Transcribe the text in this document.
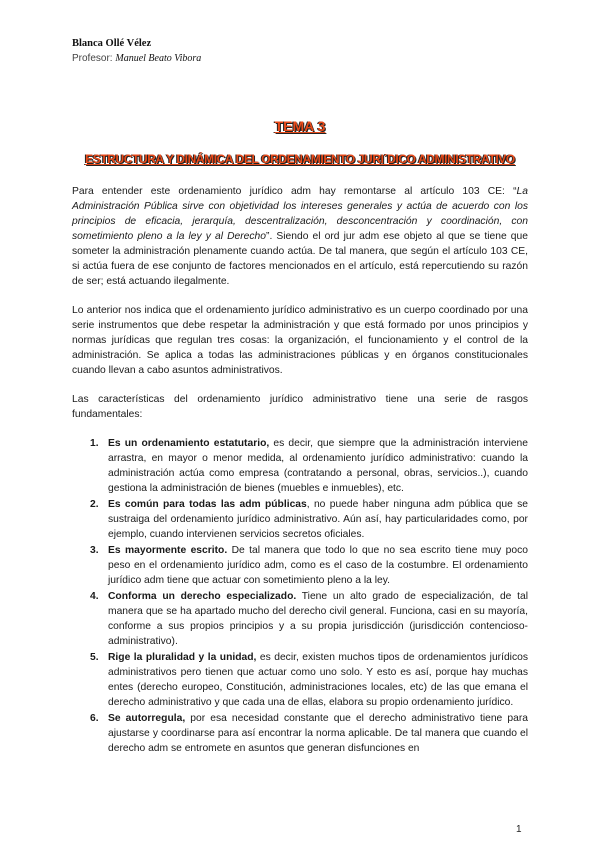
Blanca Ollé Vélez
Profesor: Manuel Beato Vibora
TEMA 3
ESTRUCTURA Y DINÁMICA DEL ORDENAMIENTO JURI´DICO ADMINISTRATIVO

Para entender este ordenamiento jurídico adm hay remontarse al artículo 103 CE: “La Administración Pública sirve con objetividad los intereses generales y actúa de acuerdo con los principios de eficacia, jerarquía, descentralización, desconcentración y coordinación, con sometimiento pleno a la ley y al Derecho”. Siendo el ord jur adm ese objeto al que se tiene que someter la administración plenamente cuando actúa. De tal manera, que según el artículo 103 CE, si actúa fuera de ese conjunto de factores mencionados en el artículo, está repercutiendo su razón de ser; está actuando ilegalmente.

Lo anterior nos indica que el ordenamiento jurídico administrativo es un cuerpo coordinado por una serie instrumentos que debe respetar la administración y que está formado por unos principios y normas jurídicas que regulan tres cosas: la organización, el funcionamiento y el control de la administración. Se aplica a todas las administraciones públicas y en órganos constitucionales cuando llevan a cabo asuntos administrativos.

Las características del ordenamiento jurídico administrativo tiene una serie de rasgos fundamentales:

1. Es un ordenamiento estatutario, es decir, que siempre que la administración interviene arrastra, en mayor o menor medida, al ordenamiento jurídico administrativo: cuando la administración actúa como empresa (contratando a personal, obras, servicios..), cuando gestiona la administración de bienes (muebles e inmuebles), etc.
2. Es común para todas las adm públicas, no puede haber ninguna adm pública que se sustraiga del ordenamiento jurídico administrativo. Aún así, hay particularidades como, por ejemplo, cuando intervienen servicios secretos oficiales.
3. Es mayormente escrito. De tal manera que todo lo que no sea escrito tiene muy poco peso en el ordenamiento jurídico adm, como es el caso de la costumbre. El ordenamiento jurídico adm tiene que actuar con sometimiento pleno a la ley.
4. Conforma un derecho especializado. Tiene un alto grado de especialización, de tal manera que se ha apartado mucho del derecho civil general. Funciona, casi en su mayoría, conforme a sus propios principios y a su propia jurisdicción (jurisdicción contencioso-administrativo).
5. Rige la pluralidad y la unidad, es decir, existen muchos tipos de ordenamientos jurídicos administrativos pero tienen que actuar como uno solo. Y esto es así, porque hay muchas entes (derecho europeo, Constitución, administraciones locales, etc) de las que emana el derecho administrativo y que cada una de ellas, elabora su propio ordenamiento jurídico.
6. Se autorregula, por esa necesidad constante que el derecho administrativo tiene para ajustarse y coordinarse para así encontrar la norma aplicable. De tal manera que cuando el derecho adm se entromete en asuntos que generan disfunciones en
1
